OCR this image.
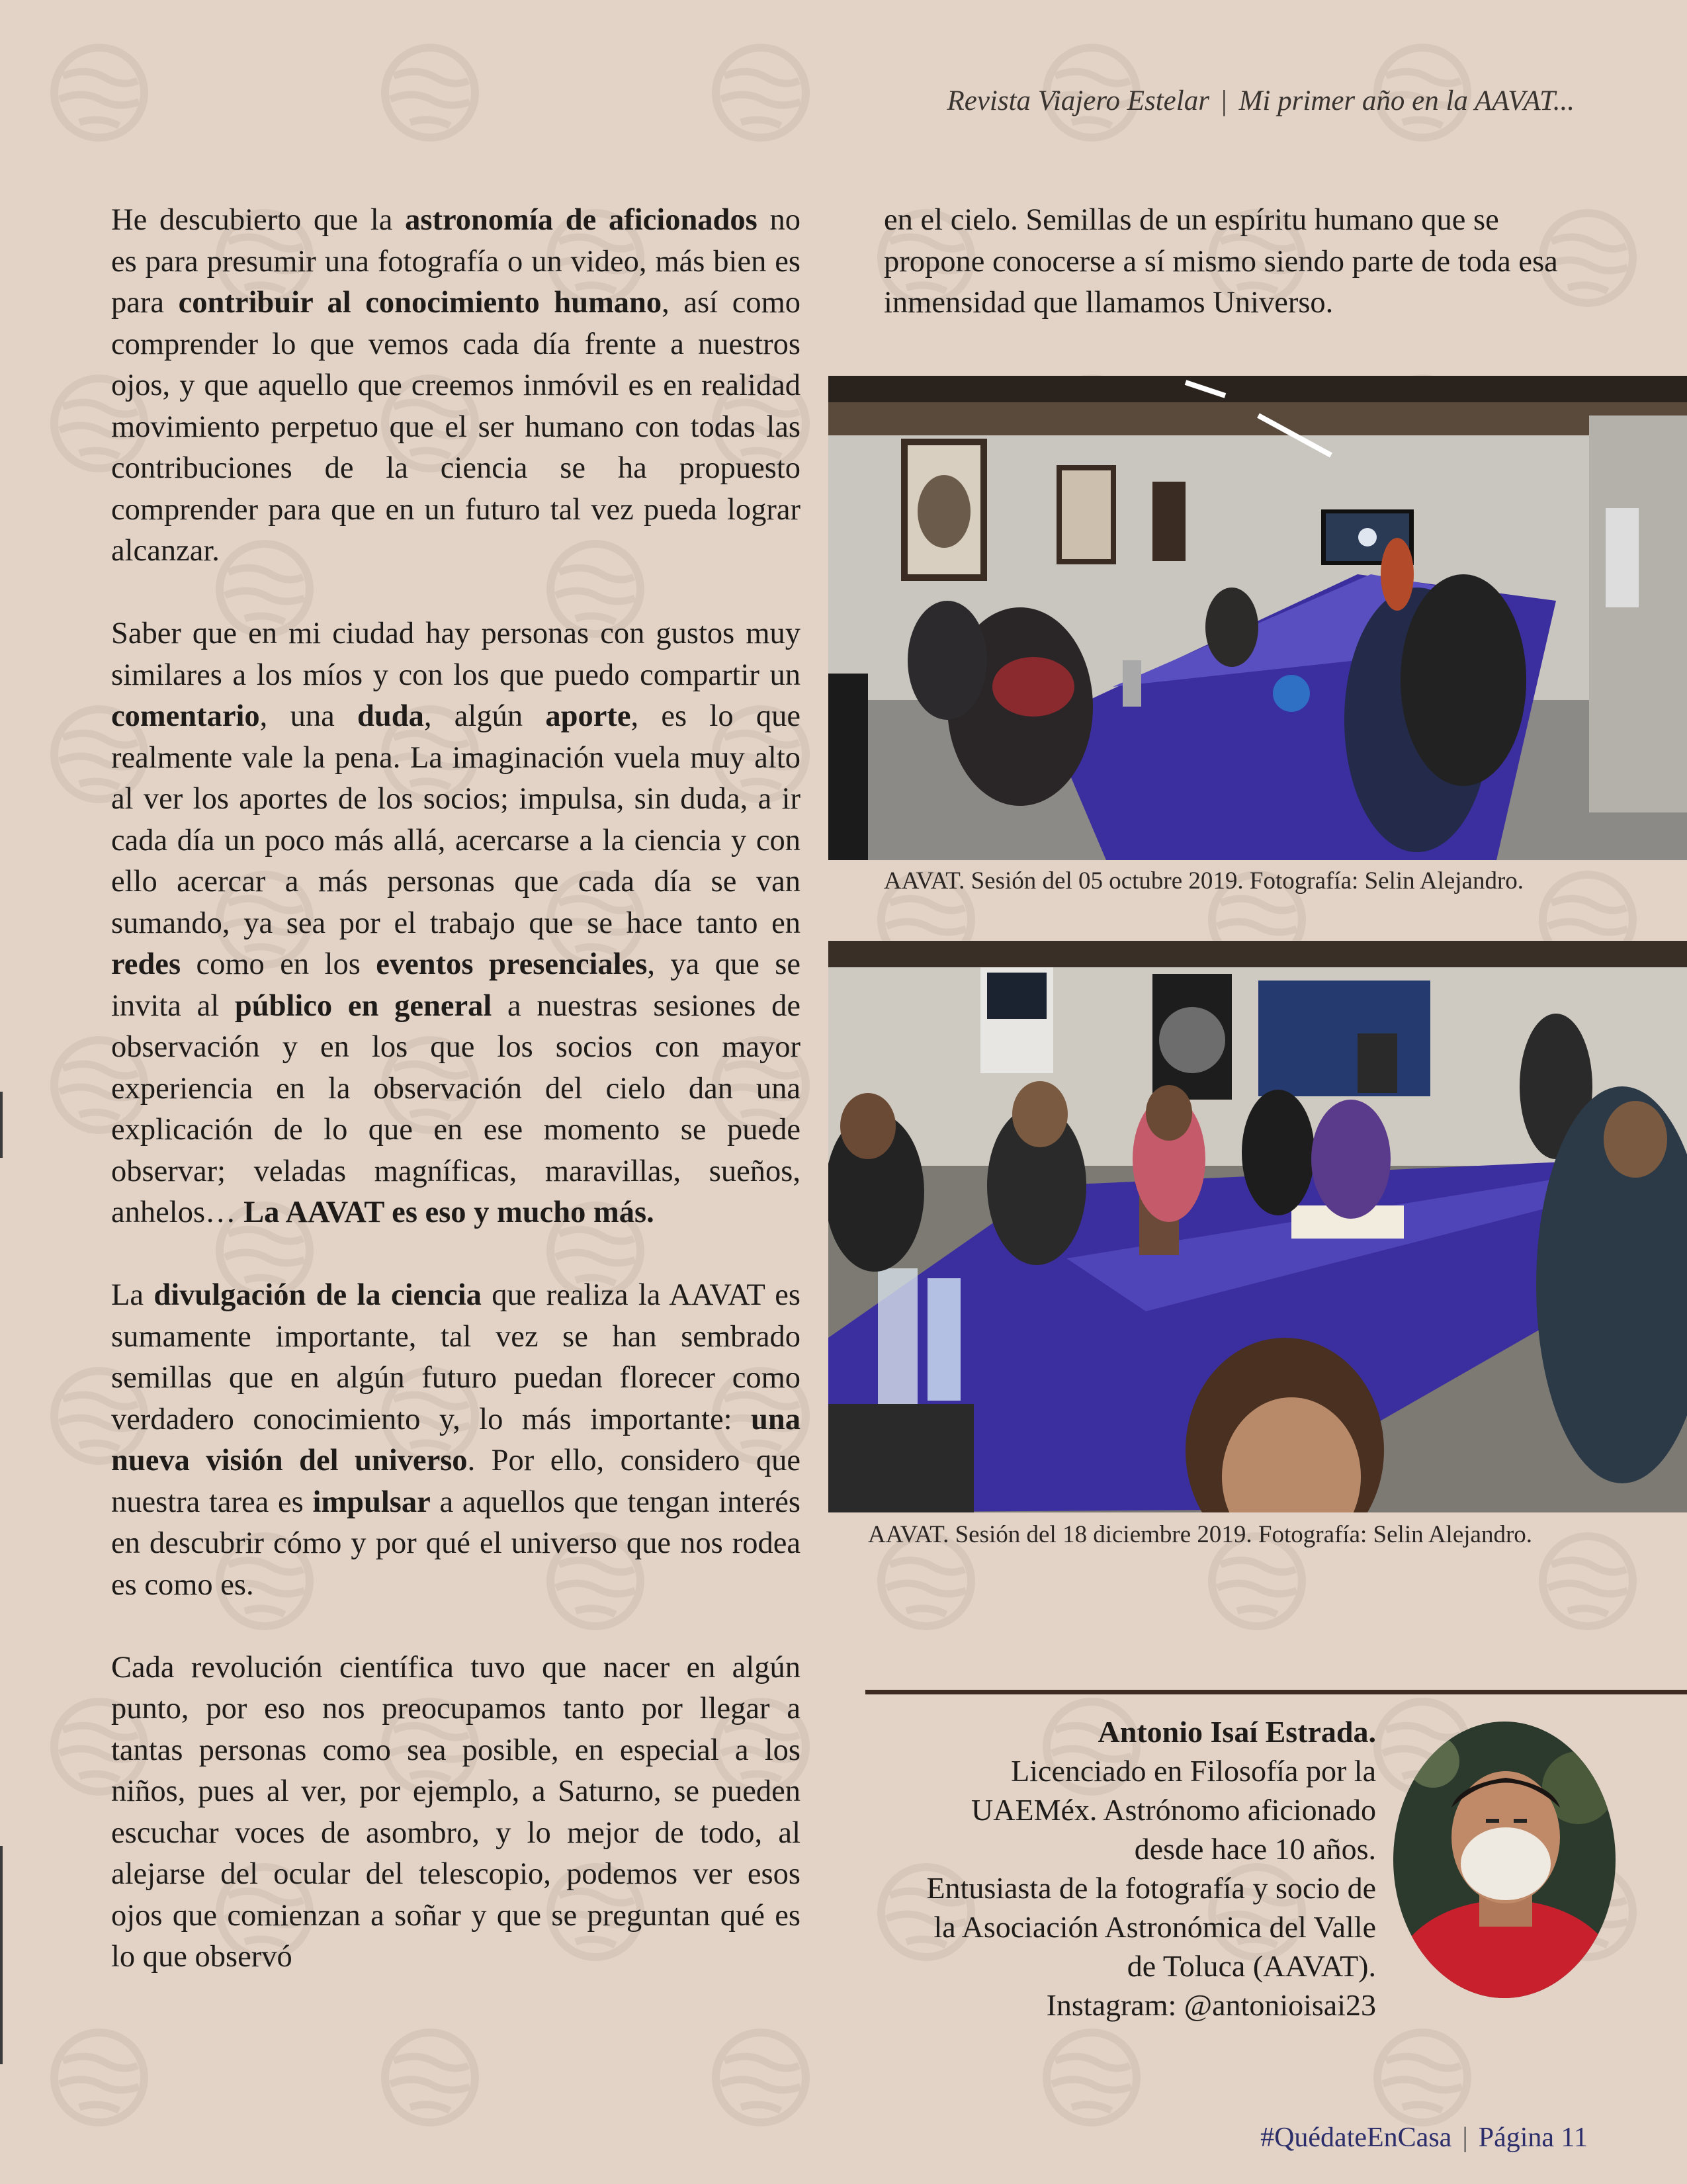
Revista Viajero Estelar | Mi primer año en la AAVAT...

He descubierto que la astronomía de aficionados no es para presumir una fotografía o un video, más bien es para contribuir al conocimiento humano, así como comprender lo que vemos cada día frente a nuestros ojos, y que aquello que creemos inmóvil es en realidad movimiento perpetuo que el ser humano con todas las contribuciones de la ciencia se ha propuesto comprender para que en un futuro tal vez pueda lograr alcanzar.

Saber que en mi ciudad hay personas con gustos muy similares a los míos y con los que puedo compartir un comentario, una duda, algún aporte, es lo que realmente vale la pena. La imaginación vuela muy alto al ver los aportes de los socios; impulsa, sin duda, a ir cada día un poco más allá, acercarse a la ciencia y con ello acercar a más personas que cada día se van sumando, ya sea por el trabajo que se hace tanto en redes como en los eventos presenciales, ya que se invita al público en general a nuestras sesiones de observación y en los que los socios con mayor experiencia en la observación del cielo dan una explicación de lo que en ese momento se puede observar; veladas magníficas, maravillas, sueños, anhelos… La AAVAT es eso y mucho más.

La divulgación de la ciencia que realiza la AAVAT es sumamente importante, tal vez se han sembrado semillas que en algún futuro puedan florecer como verdadero conocimiento y, lo más importante: una nueva visión del universo. Por ello, considero que nuestra tarea es impulsar a aquellos que tengan interés en descubrir cómo y por qué el universo que nos rodea es como es.

Cada revolución científica tuvo que nacer en algún punto, por eso nos preocupamos tanto por llegar a tantas personas como sea posible, en especial a los niños, pues al ver, por ejemplo, a Saturno, se pueden escuchar voces de asombro, y lo mejor de todo, al alejarse del ocular del telescopio, podemos ver esos ojos que comienzan a soñar y que se preguntan qué es lo que observó

en el cielo. Semillas de un espíritu humano que se propone conocerse a sí mismo siendo parte de toda esa inmensidad que llamamos Universo.

AAVAT. Sesión del 05 octubre 2019. Fotografía: Selin Alejandro.
AAVAT. Sesión del 18 diciembre 2019. Fotografía: Selin Alejandro.
Antonio Isaí Estrada.
Licenciado en Filosofía por la
UAEMéx. Astrónomo aficionado
desde hace 10 años.
Entusiasta de la fotografía y socio de
la Asociación Astronómica del Valle
de Toluca (AAVAT).
Instagram: @antonioisai23
#QuédateEnCasa | Página 11
